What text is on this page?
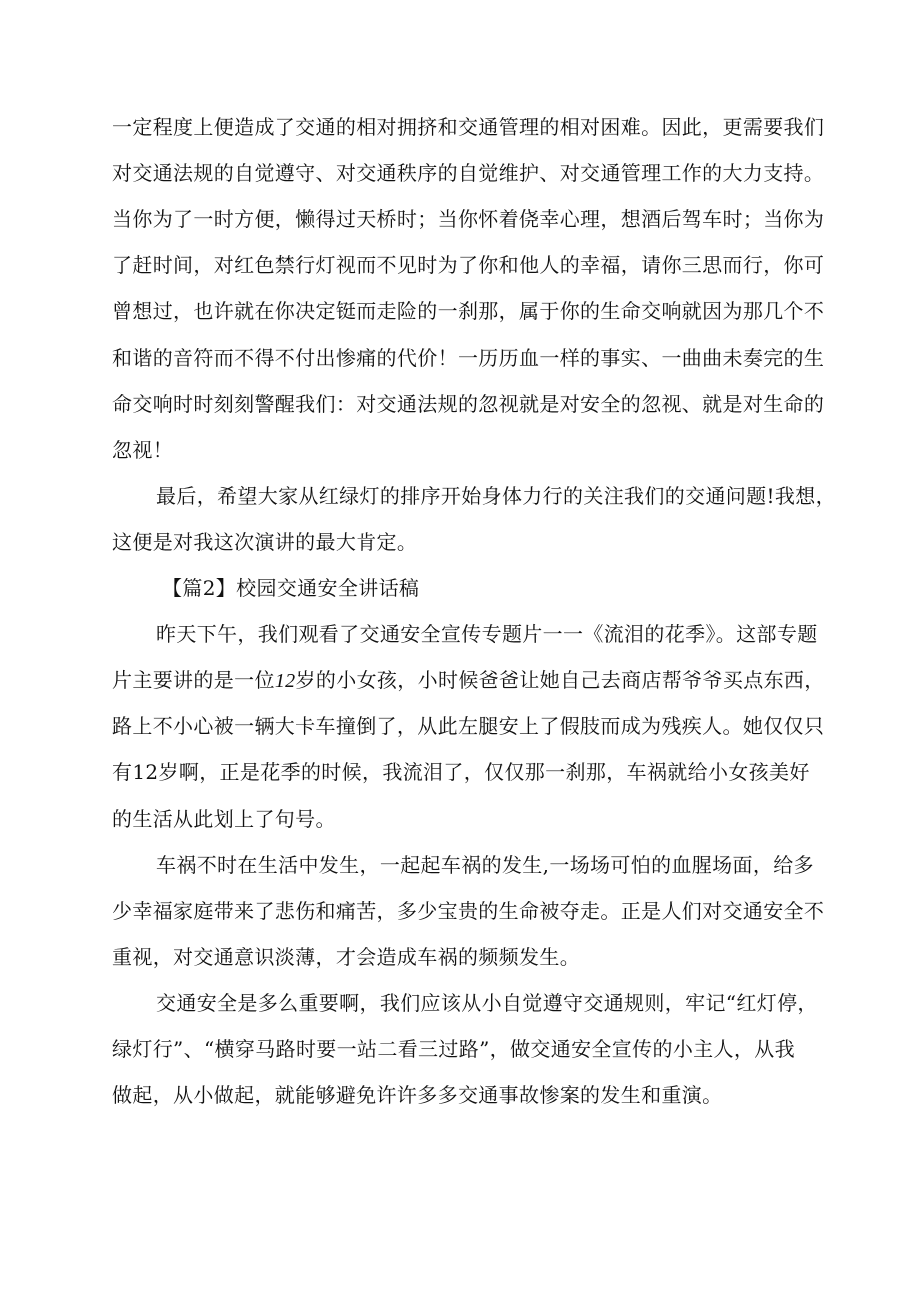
一定程度上便造成了交通的相对拥挤和交通管理的相对困难。因此，更需要我们
对交通法规的自觉遵守、对交通秩序的自觉维护、对交通管理工作的大力支持。
当你为了一时方便，懒得过天桥时；当你怀着侥幸心理，想酒后驾车时；当你为
了赶时间，对红色禁行灯视而不见时为了你和他人的幸福，请你三思而行，你可
曾想过，也许就在你决定铤而走险的一刹那，属于你的生命交响就因为那几个不
和谐的音符而不得不付出惨痛的代价！一历历血一样的事实、一曲曲未奏完的生
命交响时时刻刻警醒我们：对交通法规的忽视就是对安全的忽视、就是对生命的
忽视！
最后，希望大家从红绿灯的排序开始身体力行的关注我们的交通问题!我想，
这便是对我这次演讲的最大肯定。
【篇2】校园交通安全讲话稿
昨天下午，我们观看了交通安全宣传专题片一一《流泪的花季》。这部专题
片主要讲的是一位12岁的小女孩，小时候爸爸让她自己去商店帮爷爷买点东西，
路上不小心被一辆大卡车撞倒了，从此左腿安上了假肢而成为残疾人。她仅仅只
有12岁啊，正是花季的时候，我流泪了，仅仅那一刹那，车祸就给小女孩美好
的生活从此划上了句号。
车祸不时在生活中发生，一起起车祸的发生,一场场可怕的血腥场面，给多
少幸福家庭带来了悲伤和痛苦，多少宝贵的生命被夺走。正是人们对交通安全不
重视，对交通意识淡薄，才会造成车祸的频频发生。
交通安全是多么重要啊，我们应该从小自觉遵守交通规则，牢记“红灯停，
绿灯行”、“横穿马路时要一站二看三过路”，做交通安全宣传的小主人，从我
做起，从小做起，就能够避免许许多多交通事故惨案的发生和重演。
